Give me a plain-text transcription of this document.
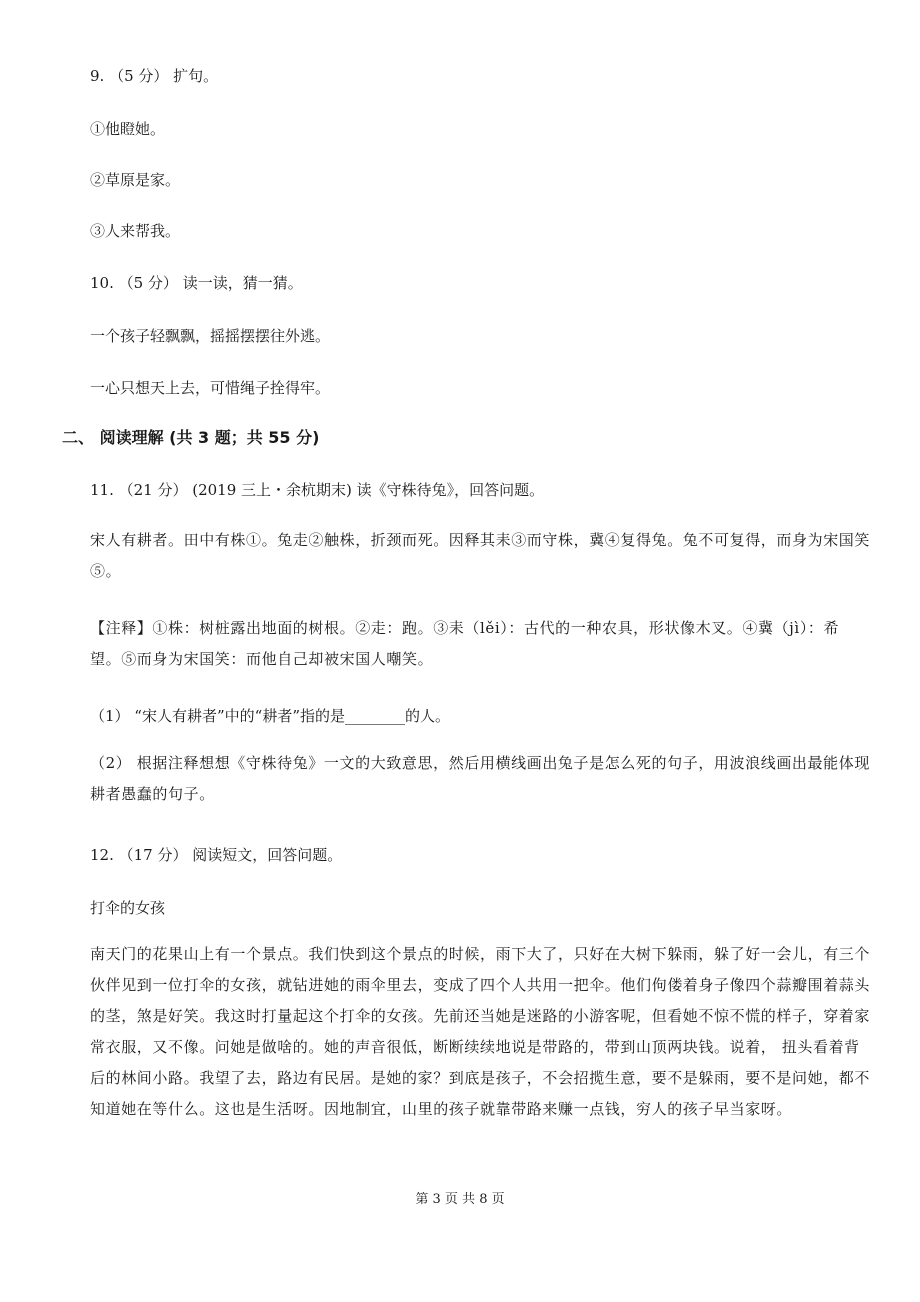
9. （5 分） 扩句。
①他瞪她。
②草原是家。
③人来帮我。
10. （5 分） 读一读，猜一猜。
一个孩子轻飘飘，摇摇摆摆往外逃。
一心只想天上去，可惜绳子拴得牢。
二、 阅读理解 (共 3 题；共 55 分)
11. （21 分） (2019 三上・余杭期末) 读《守株待兔》，回答问题。
宋人有耕者。田中有株①。兔走②触株，折颈而死。因释其耒③而守株，冀④复得兔。兔不可复得，而身为宋国笑⑤。
【注释】①株：树桩露出地面的树根。②走：跑。③耒（lěi）：古代的一种农具，形状像木叉。④冀（jì）：希望。⑤而身为宋国笑：而他自己却被宋国人嘲笑。
（1） “宋人有耕者”中的“耕者”指的是________的人。
（2） 根据注释想想《守株待兔》一文的大致意思，然后用横线画出兔子是怎么死的句子，用波浪线画出最能体现耕者愚蠢的句子。
12. （17 分） 阅读短文，回答问题。
打伞的女孩
南天门的花果山上有一个景点。我们快到这个景点的时候，雨下大了，只好在大树下躲雨，躲了好一会儿，有三个伙伴见到一位打伞的女孩，就钻进她的雨伞里去，变成了四个人共用一把伞。他们佝偻着身子像四个蒜瓣围着蒜头的茎，煞是好笑。我这时打量起这个打伞的女孩。先前还当她是迷路的小游客呢，但看她不惊不慌的样子，穿着家常衣服，又不像。问她是做啥的。她的声音很低，断断续续地说是带路的，带到山顶两块钱。说着， 扭头看着背后的林间小路。我望了去，路边有民居。是她的家？到底是孩子，不会招揽生意，要不是躲雨，要不是问她，都不知道她在等什么。这也是生活呀。因地制宜，山里的孩子就靠带路来赚一点钱，穷人的孩子早当家呀。
第 3 页 共 8 页
